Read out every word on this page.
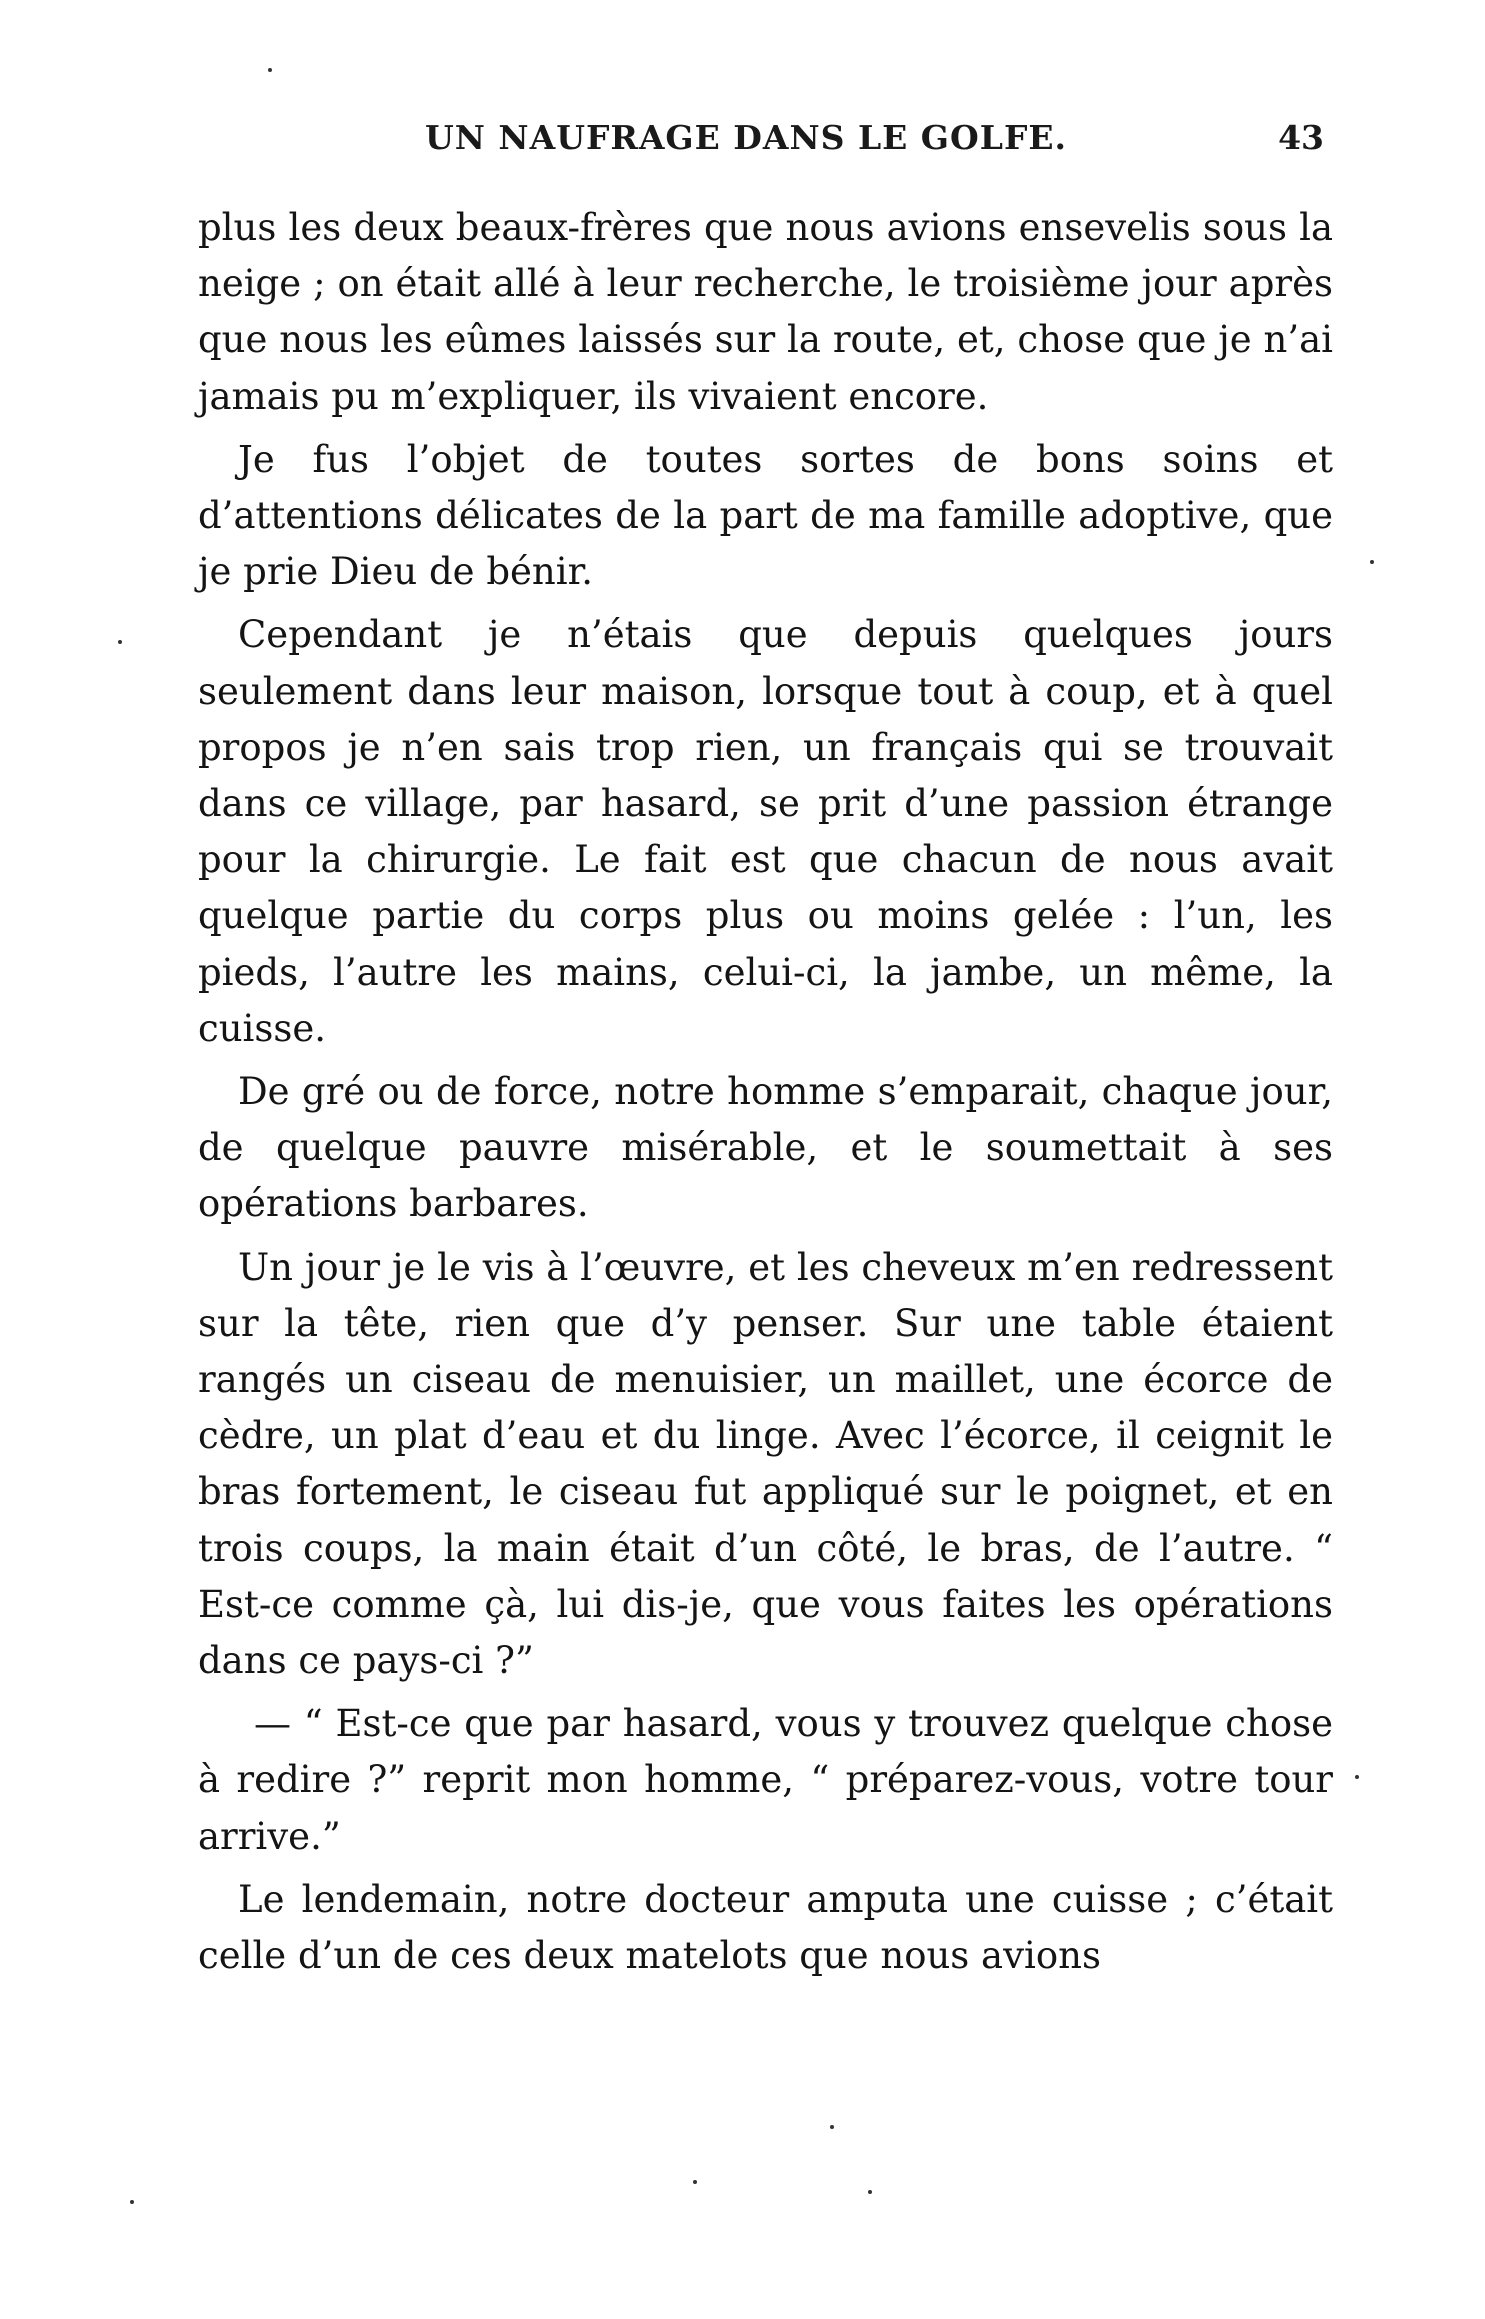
UN NAUFRAGE DANS LE GOLFE.	43

plus les deux beaux-frères que nous avions ensevelis sous la neige ; on était allé à leur recherche, le troisième jour après que nous les eûmes laissés sur la route, et, chose que je n’ai jamais pu m’expliquer, ils vivaient encore.

Je fus l’objet de toutes sortes de bons soins et d’attentions délicates de la part de ma famille adoptive, que je prie Dieu de bénir.

Cependant je n’étais que depuis quelques jours seulement dans leur maison, lorsque tout à coup, et à quel propos je n’en sais trop rien, un français qui se trouvait dans ce village, par hasard, se prit d’une passion étrange pour la chirurgie. Le fait est que chacun de nous avait quelque partie du corps plus ou moins gelée : l’un, les pieds, l’autre les mains, celui-ci, la jambe, un même, la cuisse.

De gré ou de force, notre homme s’emparait, chaque jour, de quelque pauvre misérable, et le soumettait à ses opérations barbares.

Un jour je le vis à l’œuvre, et les cheveux m’en redressent sur la tête, rien que d’y penser. Sur une table étaient rangés un ciseau de menuisier, un maillet, une écorce de cèdre, un plat d’eau et du linge. Avec l’écorce, il ceignit le bras fortement, le ciseau fut appliqué sur le poignet, et en trois coups, la main était d’un côté, le bras, de l’autre. “ Est-ce comme çà, lui dis-je, que vous faites les opérations dans ce pays-ci ?”

— “ Est-ce que par hasard, vous y trouvez quelque chose à redire ?” reprit mon homme, “ préparez-vous, votre tour arrive.”

Le lendemain, notre docteur amputa une cuisse ; c’était celle d’un de ces deux matelots que nous avions
